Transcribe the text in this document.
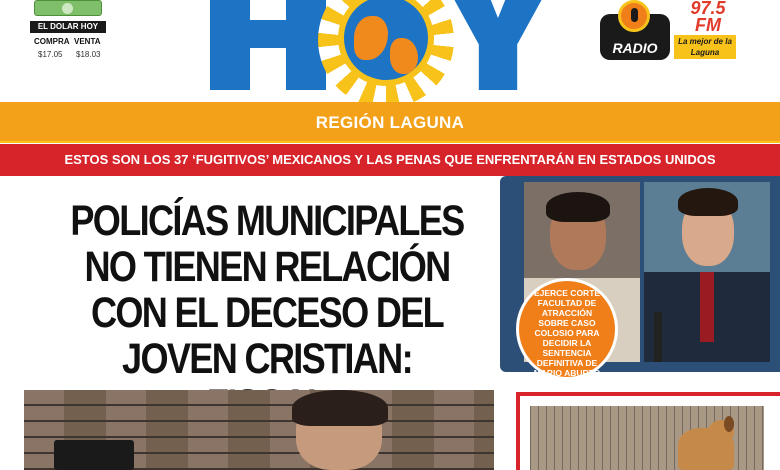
EL DOLAR HOY
COMPRA VENTA
$17.05 $18.03	RADIO
97.5 FM
La mejor de la Laguna
REGIÓN LAGUNA
ESTOS SON LOS 37 ‘FUGITIVOS’ MEXICANOS Y LAS PENAS QUE ENFRENTARÁN EN ESTADOS UNIDOS
POLICÍAS MUNICIPALES NO TIENEN RELACIÓN CON EL DECESO DEL JOVEN CRISTIAN:
EJERCE CORTE FACULTAD DE ATRACCIÓN SOBRE CASO COLOSIO PARA DECIDIR LA SENTENCIA DEFINITIVA DE MARIO ABURTO
